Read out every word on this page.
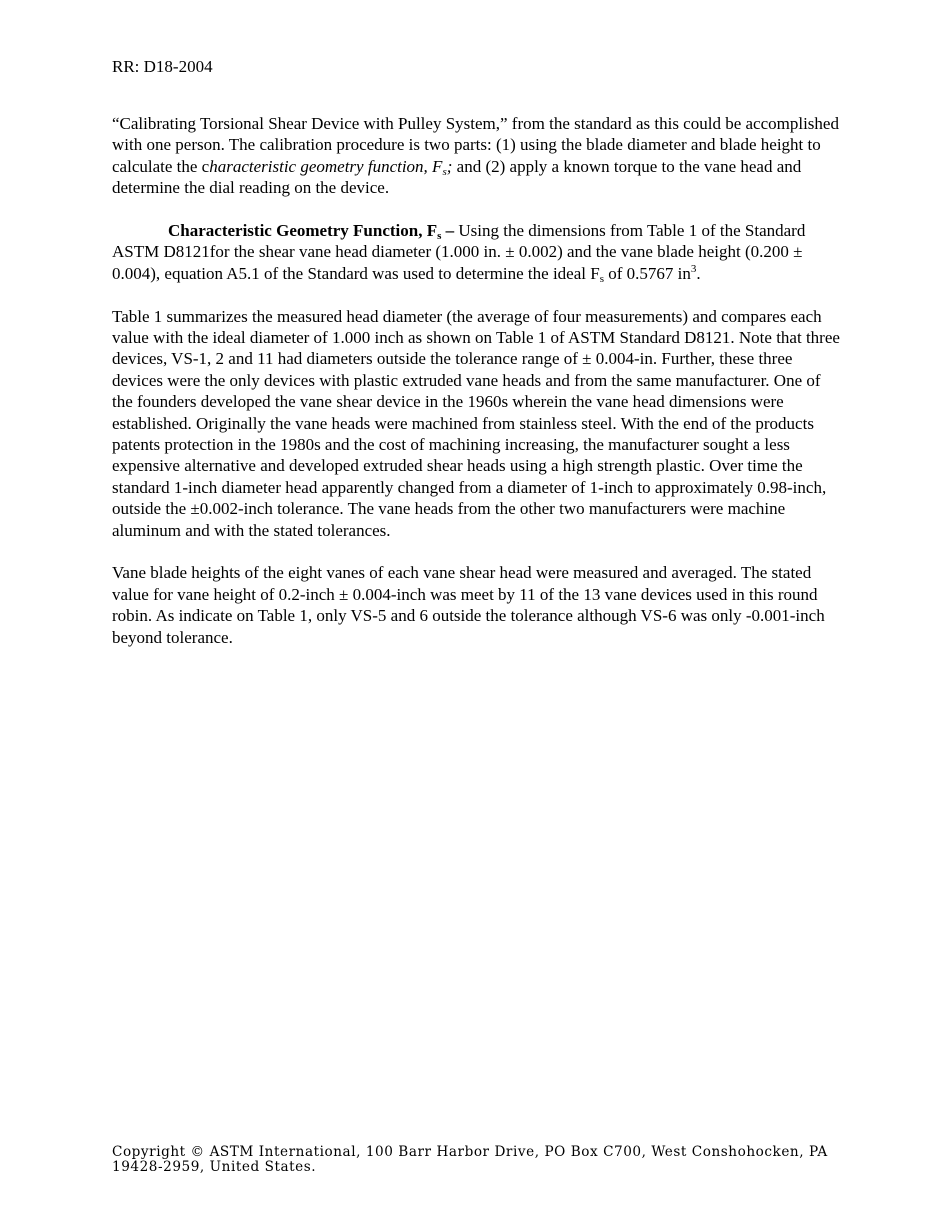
RR: D18-2004

“Calibrating Torsional Shear Device with Pulley System,” from the standard as this could be accomplished with one person. The calibration procedure is two parts: (1) using the blade diameter and blade height to calculate the characteristic geometry function, $F_s$; and (2) apply a known torque to the vane head and determine the dial reading on the device.

Characteristic Geometry Function, $F_s$ – Using the dimensions from Table 1 of the Standard ASTM D8121for the shear vane head diameter (1.000 in. ± 0.002) and the vane blade height (0.200 ± 0.004), equation A5.1 of the Standard was used to determine the ideal $F_s$ of 0.5767 $in^3$.

Table 1 summarizes the measured head diameter (the average of four measurements) and compares each value with the ideal diameter of 1.000 inch as shown on Table 1 of ASTM Standard D8121. Note that three devices, VS-1, 2 and 11 had diameters outside the tolerance range of ± 0.004-in. Further, these three devices were the only devices with plastic extruded vane heads and from the same manufacturer. One of the founders developed the vane shear device in the 1960s wherein the vane head dimensions were established. Originally the vane heads were machined from stainless steel. With the end of the products patents protection in the 1980s and the cost of machining increasing, the manufacturer sought a less expensive alternative and developed extruded shear heads using a high strength plastic. Over time the standard 1-inch diameter head apparently changed from a diameter of 1-inch to approximately 0.98-inch, outside the ±0.002-inch tolerance. The vane heads from the other two manufacturers were machine aluminum and with the stated tolerances.

Vane blade heights of the eight vanes of each vane shear head were measured and averaged. The stated value for vane height of 0.2-inch ± 0.004-inch was meet by 11 of the 13 vane devices used in this round robin. As indicate on Table 1, only VS-5 and 6 outside the tolerance although VS-6 was only -0.001-inch beyond tolerance.

Copyright © ASTM International, 100 Barr Harbor Drive, PO Box C700, West Conshohocken, PA 19428-2959, United States.
